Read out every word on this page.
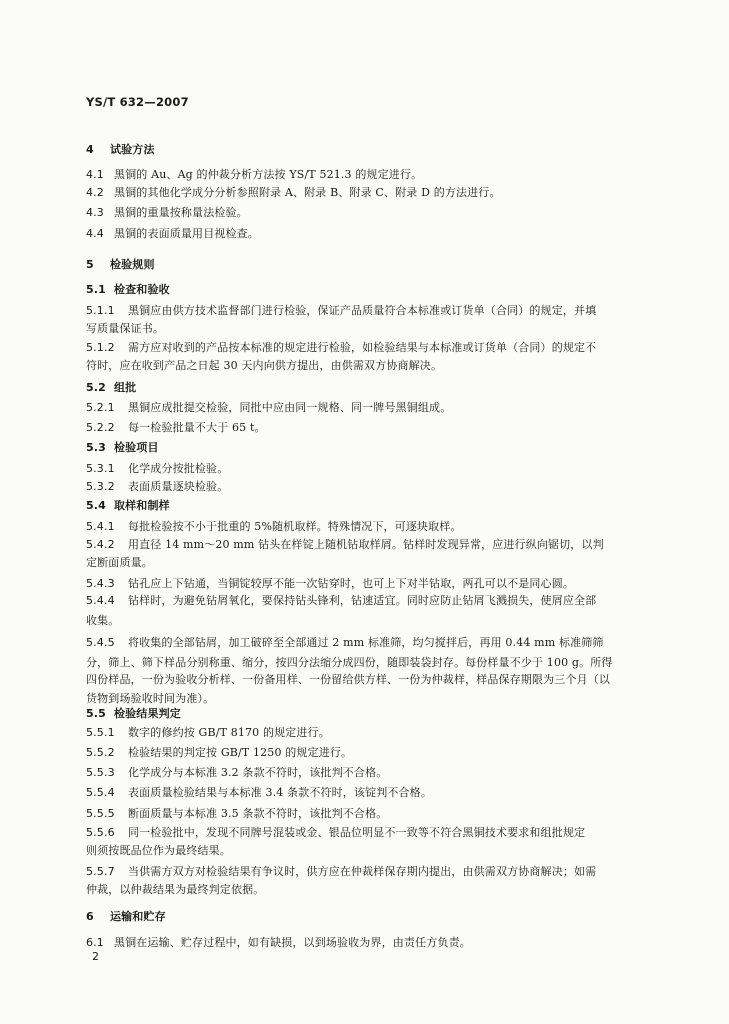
YS/T 632—2007
4 试验方法
4.1 黑铜的 Au、Ag 的仲裁分析方法按 YS/T 521.3 的规定进行。
4.2 黑铜的其他化学成分分析参照附录 A、附录 B、附录 C、附录 D 的方法进行。
4.3 黑铜的重量按称量法检验。
4.4 黑铜的表面质量用目视检查。
5 检验规则
5.1 检查和验收
5.1.1 黑铜应由供方技术监督部门进行检验，保证产品质量符合本标准或订货单（合同）的规定，并填
写质量保证书。
5.1.2 需方应对收到的产品按本标准的规定进行检验，如检验结果与本标准或订货单（合同）的规定不
符时，应在收到产品之日起 30 天内向供方提出，由供需双方协商解决。
5.2 组批
5.2.1 黑铜应成批提交检验，同批中应由同一规格、同一牌号黑铜组成。
5.2.2 每一检验批量不大于 65 t。
5.3 检验项目
5.3.1 化学成分按批检验。
5.3.2 表面质量逐块检验。
5.4 取样和制样
5.4.1 每批检验按不小于批重的 5%随机取样。特殊情况下，可逐块取样。
5.4.2 用直径 14 mm～20 mm 钻头在样锭上随机钻取样屑。钻样时发现异常，应进行纵向锯切，以判
定断面质量。
5.4.3 钻孔应上下钻通，当铜锭较厚不能一次钻穿时，也可上下对半钻取，两孔可以不是同心圆。
5.4.4 钻样时，为避免钻屑氧化，要保持钻头锋利，钻速适宜。同时应防止钻屑飞溅损失，使屑应全部
收集。
5.4.5 将收集的全部钻屑，加工破碎至全部通过 2 mm 标准筛，均匀搅拌后，再用 0.44 mm 标准筛筛
分，筛上、筛下样品分别称重、缩分，按四分法缩分成四份，随即装袋封存。每份样量不少于 100 g。所得
四份样品，一份为验收分析样、一份备用样、一份留给供方样、一份为仲裁样，样品保存期限为三个月（以
货物到场验收时间为准）。
5.5 检验结果判定
5.5.1 数字的修约按 GB/T 8170 的规定进行。
5.5.2 检验结果的判定按 GB/T 1250 的规定进行。
5.5.3 化学成分与本标准 3.2 条款不符时，该批判不合格。
5.5.4 表面质量检验结果与本标准 3.4 条款不符时，该锭判不合格。
5.5.5 断面质量与本标准 3.5 条款不符时，该批判不合格。
5.5.6 同一检验批中，发现不同牌号混装或金、银品位明显不一致等不符合黑铜技术要求和组批规定
则须按既品位作为最终结果。
5.5.7 当供需方双方对检验结果有争议时，供方应在仲裁样保存期内提出，由供需双方协商解决；如需
仲裁，以仲裁结果为最终判定依据。
6 运输和贮存
6.1 黑铜在运输、贮存过程中，如有缺损，以到场验收为界，由责任方负责。
2
